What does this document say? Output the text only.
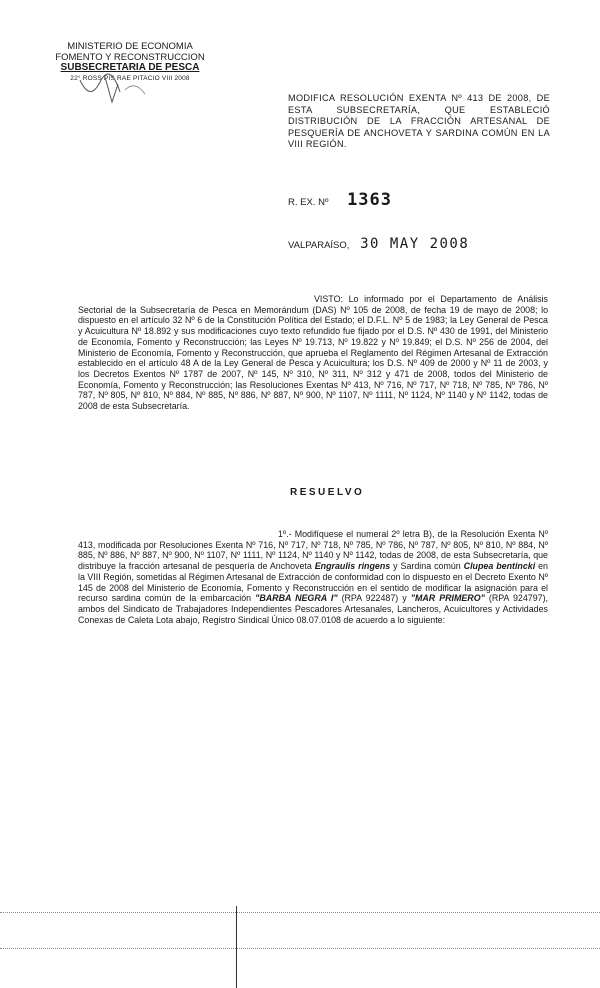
MINISTERIO DE ECONOMIA
FOMENTO Y RECONSTRUCCION
SUBSECRETARIA DE PESCA
22° ROSS PIS RAE PITACIO VIII 2008
MODIFICA RESOLUCIÓN EXENTA Nº 413 DE 2008, DE ESTA SUBSECRETARÍA, QUE ESTABLECIÓ DISTRIBUCIÓN DE LA FRACCIÓN ARTESANAL DE PESQUERÍA DE ANCHOVETA Y SARDINA COMÚN EN LA VIII REGIÓN.
R. EX. Nº 1363
VALPARAÍSO, 30 MAY 2008
VISTO: Lo informado por el Departamento de Análisis Sectorial de la Subsecretaría de Pesca en Memorándum (DAS) Nº 105 de 2008, de fecha 19 de mayo de 2008; lo dispuesto en el artículo 32 Nº 6 de la Constitución Política del Estado; el D.F.L. Nº 5 de 1983; la Ley General de Pesca y Acuicultura Nº 18.892 y sus modificaciones cuyo texto refundido fue fijado por el D.S. Nº 430 de 1991, del Ministerio de Economía, Fomento y Reconstrucción; las Leyes Nº 19.713, Nº 19.822 y Nº 19.849; el D.S. Nº 256 de 2004, del Ministerio de Economía, Fomento y Reconstrucción, que aprueba el Reglamento del Régimen Artesanal de Extracción establecido en el artículo 48 A de la Ley General de Pesca y Acuicultura; los D.S. Nº 409 de 2000 y Nº 11 de 2003, y los Decretos Exentos Nº 1787 de 2007, Nº 145, Nº 310, Nº 311, Nº 312 y 471 de 2008, todos del Ministerio de Economía, Fomento y Reconstrucción; las Resoluciones Exentas Nº 413, Nº 716, Nº 717, Nº 718, Nº 785, Nº 786, Nº 787, Nº 805, Nº 810, Nº 884, Nº 885, Nº 886, Nº 887, Nº 900, Nº 1107, Nº 1111, Nº 1124, Nº 1140 y Nº 1142, todas de 2008 de esta Subsecretaría.
RESUELVO
1º.- Modifíquese el numeral 2º letra B), de la Resolución Exenta Nº 413, modificada por Resoluciones Exenta Nº 716, Nº 717, Nº 718, Nº 785, Nº 786, Nº 787, Nº 805, Nº 810, Nº 884, Nº 885, Nº 886, Nº 887, Nº 900, Nº 1107, Nº 1111, Nº 1124, Nº 1140 y Nº 1142, todas de 2008, de esta Subsecretaría, que distribuye la fracción artesanal de pesquería de Anchoveta Engraulis ringens y Sardina común Clupea bentincki en la VIII Región, sometidas al Régimen Artesanal de Extracción de conformidad con lo dispuesto en el Decreto Exento Nº 145 de 2008 del Ministerio de Economía, Fomento y Reconstrucción en el sentido de modificar la asignación para el recurso sardina común de la embarcación "BARBA NEGRA I" (RPA 922487) y "MAR PRIMERO" (RPA 924797), ambos del Sindicato de Trabajadores Independientes Pescadores Artesanales, Lancheros, Acuicultores y Actividades Conexas de Caleta Lota abajo, Registro Sindical Único 08.07.0108 de acuerdo a lo siguiente:
